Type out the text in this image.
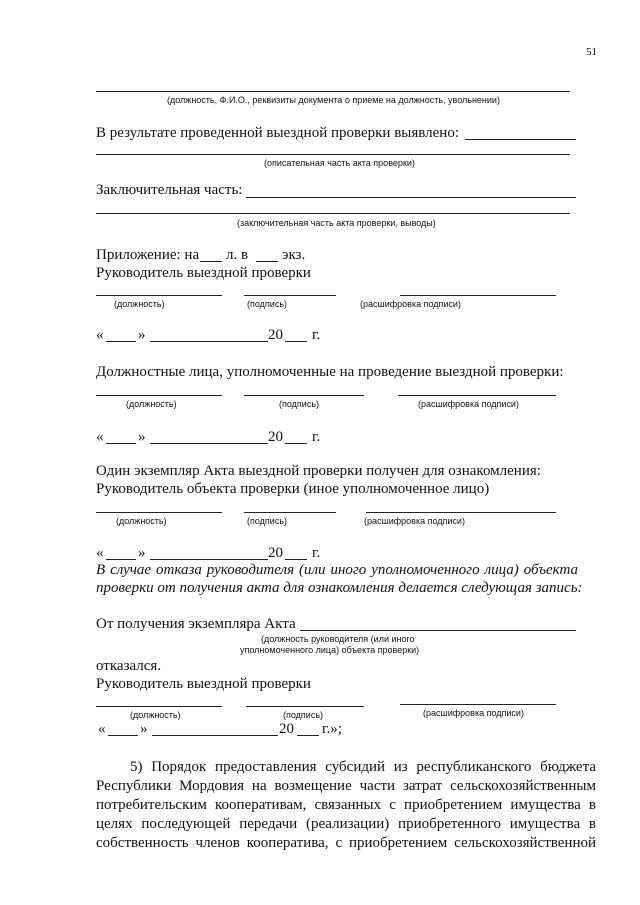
51
(должность, Ф.И.О., реквизиты документа о приеме на должность, увольнении)
В результате проведенной выездной проверки выявлено:
(описательная часть акта проверки)
Заключительная часть:
(заключительная часть акта проверки, выводы)
Приложение: на л. в экз.
Руководитель выездной проверки
(должность)	(подпись)	(расшифровка подписи)
« »	20 г.
Должностные лица, уполномоченные на проведение выездной проверки:
(должность)	(подпись)	(расшифровка подписи)
« »	20 г.
Один экземпляр Акта выездной проверки получен для ознакомления:
Руководитель объекта проверки (иное уполномоченное лицо)
(должность)	(подпись)	(расшифровка подписи)
« »	20 г.
В случае отказа руководителя (или иного уполномоченного лица) объекта
проверки от получения акта для ознакомления делается следующая запись:
От получения экземпляра Акта
(должность руководителя (или иного
уполномоченного лица) объекта проверки)
отказался.
Руководитель выездной проверки
(должность)	(подпись)	(расшифровка подписи)
« »	20 г.»;
5) Порядок предоставления субсидий из республиканского бюджета
Республики Мордовия на возмещение части затрат сельскохозяйственным
потребительским кооперативам, связанных с приобретением имущества в
целях последующей передачи (реализации) приобретенного имущества в
собственность членов кооператива, с приобретением сельскохозяйственной
